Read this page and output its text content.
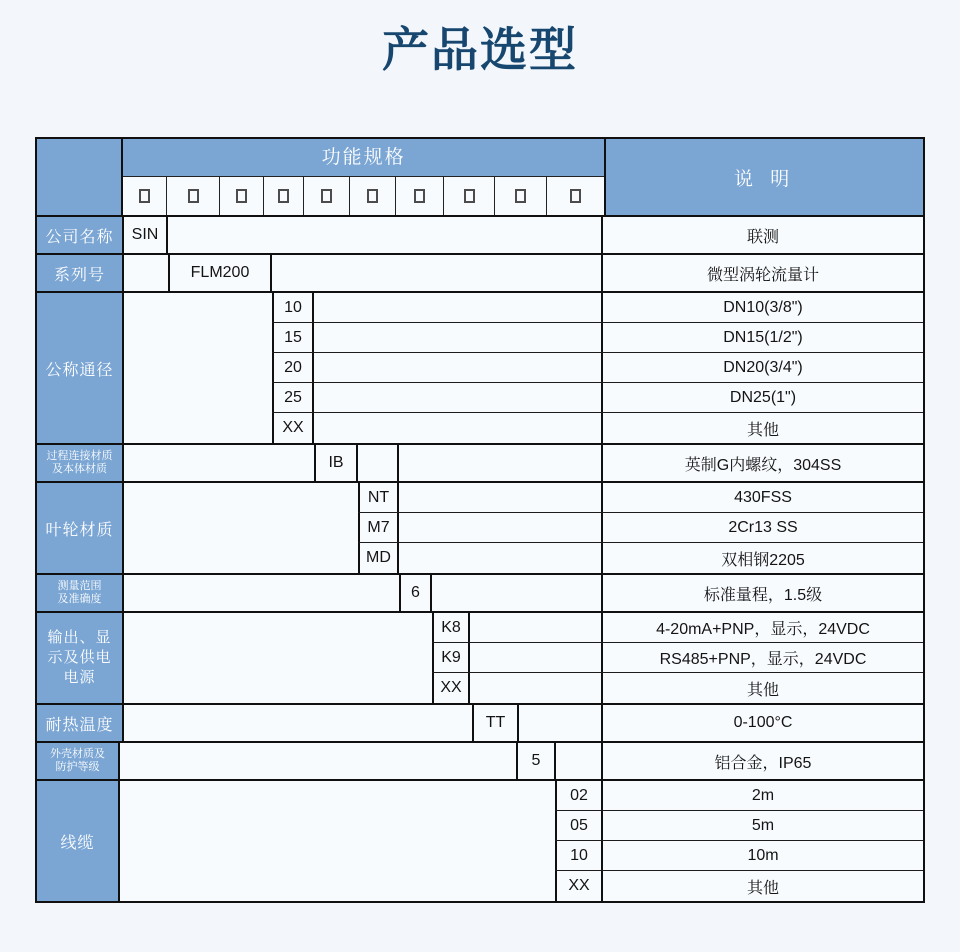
产品选型
功能规格
说 明
公司名称	SIN	联测
系列号	FLM200	微型涡轮流量计
公称通径
10	DN10(3/8")
15	DN15(1/2")
20	DN20(3/4")
25	DN25(1")
XX	其他
过程连接材质
及本体材质	IB	英制G内螺纹，304SS
叶轮材质
NT	430FSS
M7	2Cr13 SS
MD	双相钢2205
测量范围
及准确度	6	标准量程，1.5级
输出、显
示及供电
电源
K8	4-20mA+PNP，显示，24VDC
K9	RS485+PNP，显示，24VDC
XX	其他
耐热温度	TT	0-100°C
外壳材质及
防护等级	5	铝合金，IP65
线缆
02	2m
05	5m
10	10m
XX	其他
